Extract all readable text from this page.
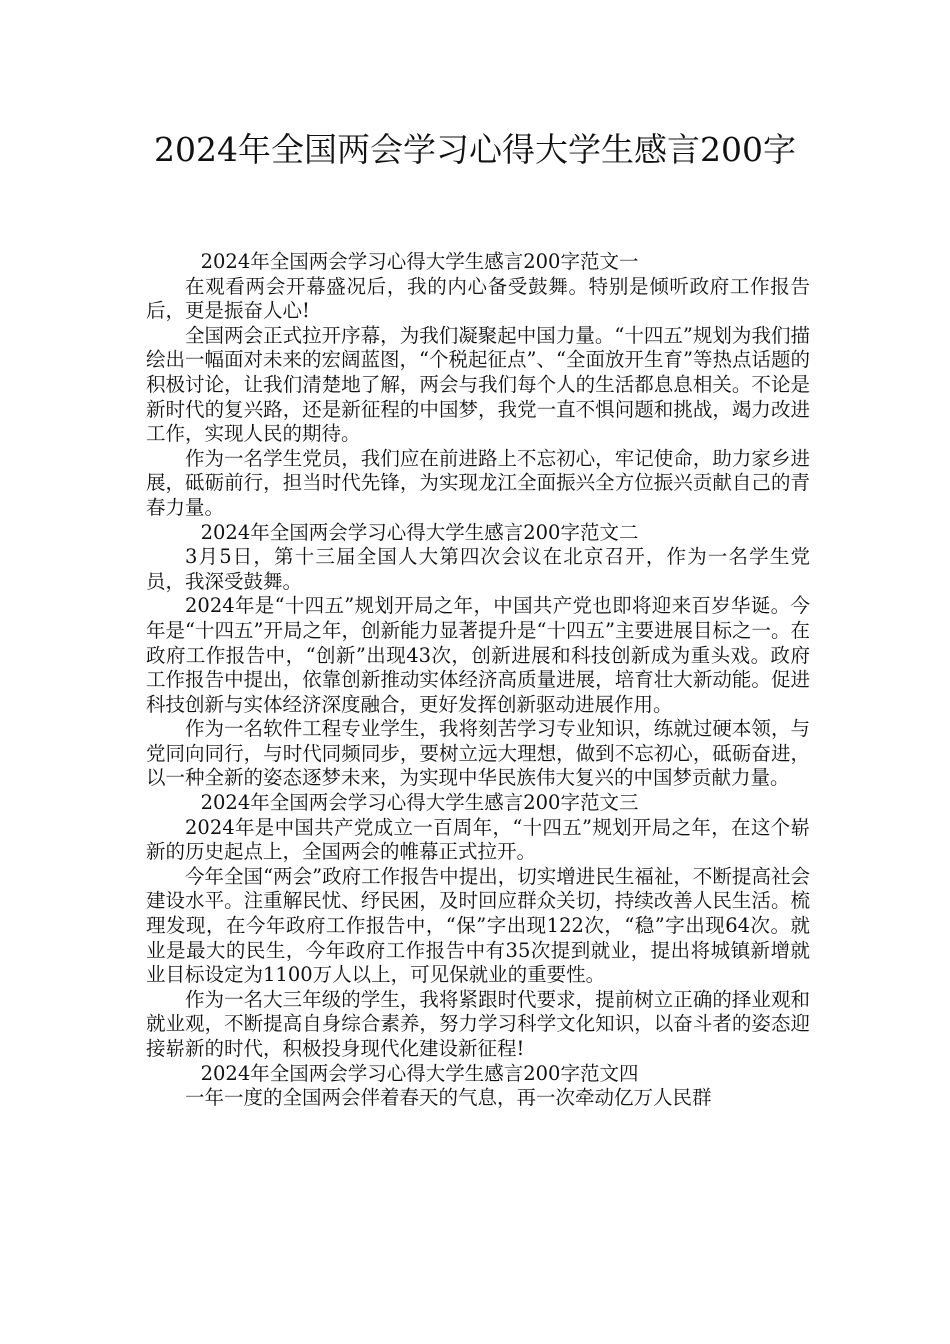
2024年全国两会学习心得大学生感言200字

2024年全国两会学习心得大学生感言200字范文一

在观看两会开幕盛况后，我的内心备受鼓舞。特别是倾听政府工作报告后，更是振奋人心!

全国两会正式拉开序幕，为我们凝聚起中国力量。“十四五”规划为我们描绘出一幅面对未来的宏阔蓝图，“个税起征点”、“全面放开生育”等热点话题的积极讨论，让我们清楚地了解，两会与我们每个人的生活都息息相关。不论是新时代的复兴路，还是新征程的中国梦，我党一直不惧问题和挑战，竭力改进工作，实现人民的期待。

作为一名学生党员，我们应在前进路上不忘初心，牢记使命，助力家乡进展，砥砺前行，担当时代先锋，为实现龙江全面振兴全方位振兴贡献自己的青春力量。

2024年全国两会学习心得大学生感言200字范文二

3月5日，第十三届全国人大第四次会议在北京召开，作为一名学生党员，我深受鼓舞。

2024年是“十四五”规划开局之年，中国共产党也即将迎来百岁华诞。今年是“十四五”开局之年，创新能力显著提升是“十四五”主要进展目标之一。在政府工作报告中，“创新”出现43次，创新进展和科技创新成为重头戏。政府工作报告中提出，依靠创新推动实体经济高质量进展，培育壮大新动能。促进科技创新与实体经济深度融合，更好发挥创新驱动进展作用。

作为一名软件工程专业学生，我将刻苦学习专业知识，练就过硬本领，与党同向同行，与时代同频同步，要树立远大理想，做到不忘初心，砥砺奋进，以一种全新的姿态逐梦未来，为实现中华民族伟大复兴的中国梦贡献力量。

2024年全国两会学习心得大学生感言200字范文三

2024年是中国共产党成立一百周年，“十四五”规划开局之年，在这个崭新的历史起点上，全国两会的帷幕正式拉开。

今年全国“两会”政府工作报告中提出，切实增进民生福祉，不断提高社会建设水平。注重解民忧、纾民困，及时回应群众关切，持续改善人民生活。梳理发现，在今年政府工作报告中，“保”字出现122次，“稳”字出现64次。就业是最大的民生，今年政府工作报告中有35次提到就业，提出将城镇新增就业目标设定为1100万人以上，可见保就业的重要性。

作为一名大三年级的学生，我将紧跟时代要求，提前树立正确的择业观和就业观，不断提高自身综合素养，努力学习科学文化知识，以奋斗者的姿态迎接崭新的时代，积极投身现代化建设新征程!

2024年全国两会学习心得大学生感言200字范文四

一年一度的全国两会伴着春天的气息，再一次牵动亿万人民群
